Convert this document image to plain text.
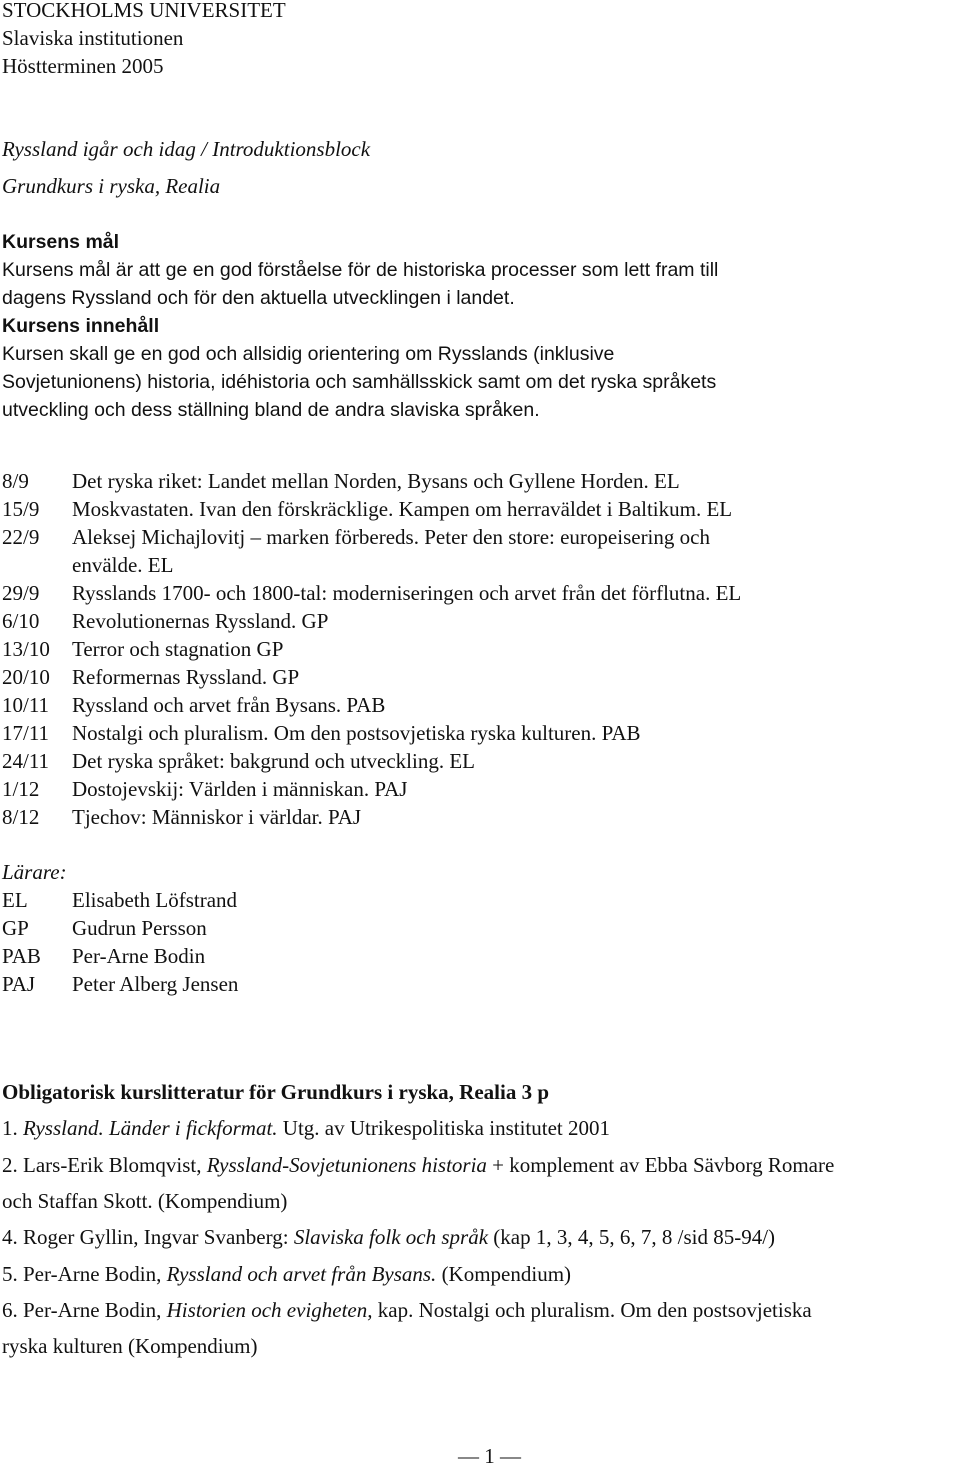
STOCKHOLMS UNIVERSITET
Slaviska institutionen
Höstterminen 2005
Ryssland igår och idag / Introduktionsblock
Grundkurs i ryska, Realia
Kursens mål
Kursens mål är att ge en god förståelse för de historiska processer som lett fram till
dagens Ryssland och för den aktuella utvecklingen i landet.
Kursens innehåll
Kursen skall ge en god och allsidig orientering om Rysslands (inklusive
Sovjetunionens) historia, idéhistoria och samhällsskick samt om det ryska språkets
utveckling och dess ställning bland de andra slaviska språken.
8/9 Det ryska riket: Landet mellan Norden, Bysans och Gyllene Horden. EL
15/9 Moskvastaten. Ivan den förskräcklige. Kampen om herraväldet i Baltikum. EL
22/9 Aleksej Michajlovitj – marken förbereds. Peter den store: europeisering och
envälde. EL
29/9 Rysslands 1700- och 1800-tal: moderniseringen och arvet från det förflutna. EL
6/10 Revolutionernas Ryssland. GP
13/10 Terror och stagnation GP
20/10 Reformernas Ryssland. GP
10/11 Ryssland och arvet från Bysans. PAB
17/11 Nostalgi och pluralism. Om den postsovjetiska ryska kulturen. PAB
24/11 Det ryska språket: bakgrund och utveckling. EL
1/12 Dostojevskij: Världen i människan. PAJ
8/12 Tjechov: Människor i världar. PAJ
Lärare:
EL Elisabeth Löfstrand
GP Gudrun Persson
PAB Per-Arne Bodin
PAJ Peter Alberg Jensen
Obligatorisk kurslitteratur för Grundkurs i ryska, Realia 3 p
1. Ryssland. Länder i fickformat. Utg. av Utrikespolitiska institutet 2001
2. Lars-Erik Blomqvist, Ryssland-Sovjetunionens historia + komplement av Ebba Sävborg Romare
och Staffan Skott. (Kompendium)
4. Roger Gyllin, Ingvar Svanberg: Slaviska folk och språk (kap 1, 3, 4, 5, 6, 7, 8 /sid 85-94/)
5. Per-Arne Bodin, Ryssland och arvet från Bysans. (Kompendium)
6. Per-Arne Bodin, Historien och evigheten, kap. Nostalgi och pluralism. Om den postsovjetiska
ryska kulturen (Kompendium)
— 1 —
